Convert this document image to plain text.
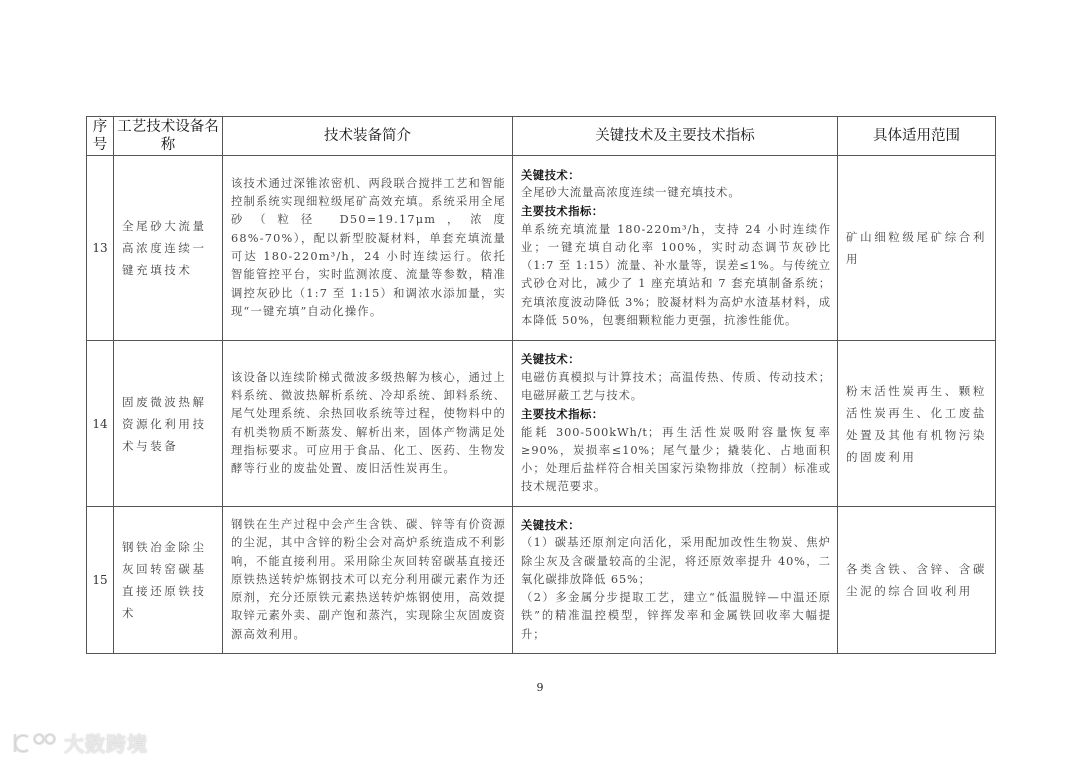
序号	工艺技术设备名称	技术装备简介	关键技术及主要技术指标	具体适用范围
13	全尾砂大流量高浓度连续一键充填技术	该技术通过深锥浓密机、两段联合搅拌工艺和智能控制系统实现细粒级尾矿高效充填。系统采用全尾砂（粒径 D50=19.17μm，浓度 68%-70%），配以新型胶凝材料，单套充填流量可达 180-220m³/h，24 小时连续运行。依托智能管控平台，实时监测浓度、流量等参数，精准调控灰砂比（1:7 至 1:15）和调浓水添加量，实现“一键充填”自动化操作。	关键技术：
全尾砂大流量高浓度连续一键充填技术。
主要技术指标：
单系统充填流量 180-220m³/h，支持 24 小时连续作业；一键充填自动化率 100%，实时动态调节灰砂比（1:7 至 1:15）流量、补水量等，误差≤1%。与传统立式砂仓对比，减少了 1 座充填站和 7 套充填制备系统；充填浓度波动降低 3%；胶凝材料为高炉水渣基材料，成本降低 50%，包裹细颗粒能力更强，抗渗性能优。	矿山细粒级尾矿综合利用
14	固废微波热解资源化利用技术与装备	该设备以连续阶梯式微波多级热解为核心，通过上料系统、微波热解析系统、冷却系统、卸料系统、尾气处理系统、余热回收系统等过程，使物料中的有机类物质不断蒸发、解析出来，固体产物满足处理指标要求。可应用于食品、化工、医药、生物发酵等行业的废盐处置、废旧活性炭再生。	关键技术：
电磁仿真模拟与计算技术；高温传热、传质、传动技术；电磁屏蔽工艺与技术。
主要技术指标：
能耗 300-500kWh/t；再生活性炭吸附容量恢复率≥90%，炭损率≤10%；尾气量少；撬装化、占地面积小；处理后盐样符合相关国家污染物排放（控制）标准或技术规范要求。	粉末活性炭再生、颗粒活性炭再生、化工废盐处置及其他有机物污染的固废利用
15	钢铁冶金除尘灰回转窑碳基直接还原铁技术	钢铁在生产过程中会产生含铁、碳、锌等有价资源的尘泥，其中含锌的粉尘会对高炉系统造成不利影响，不能直接利用。采用除尘灰回转窑碳基直接还原铁热送转炉炼钢技术可以充分利用碳元素作为还原剂，充分还原铁元素热送转炉炼钢使用，高效提取锌元素外卖、副产饱和蒸汽，实现除尘灰固废资源高效利用。	关键技术：
（1）碳基还原剂定向活化，采用配加改性生物炭、焦炉除尘灰及含碳量较高的尘泥，将还原效率提升 40%，二氧化碳排放降低 65%；
（2）多金属分步提取工艺，建立“低温脱锌—中温还原铁”的精准温控模型，锌挥发率和金属铁回收率大幅提升；	各类含铁、含锌、含碳尘泥的综合回收利用
9
大数跨境
